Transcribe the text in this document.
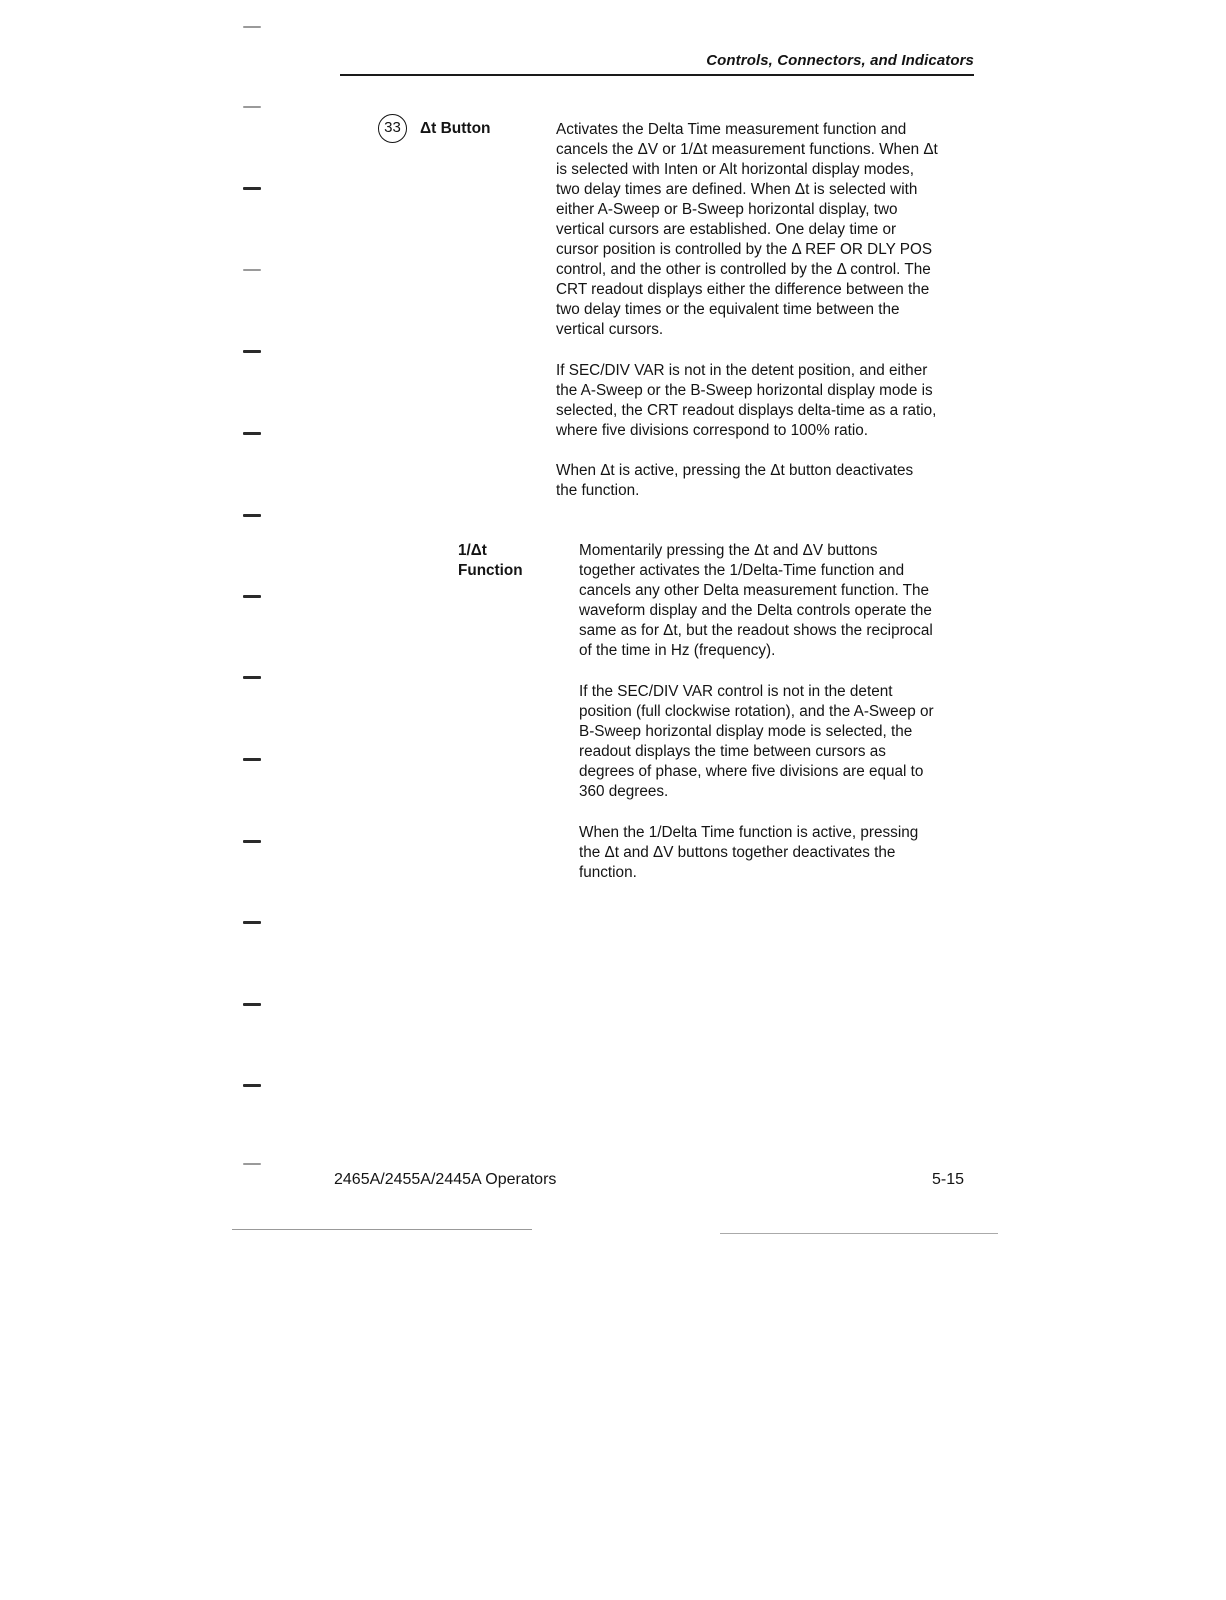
Controls, Connectors, and Indicators
33	Δt Button	Activates the Delta Time measurement function and
cancels the ΔV or 1/Δt measurement functions. When Δt
is selected with Inten or Alt horizontal display modes,
two delay times are defined. When Δt is selected with
either A-Sweep or B-Sweep horizontal display, two
vertical cursors are established. One delay time or
cursor position is controlled by the Δ REF OR DLY POS
control, and the other is controlled by the Δ control. The
CRT readout displays either the difference between the
two delay times or the equivalent time between the
vertical cursors.

If SEC/DIV VAR is not in the detent position, and either
the A-Sweep or the B-Sweep horizontal display mode is
selected, the CRT readout displays delta-time as a ratio,
where five divisions correspond to 100% ratio.

When Δt is active, pressing the Δt button deactivates
the function.

1/Δt
Function

Momentarily pressing the Δt and ΔV buttons
together activates the 1/Delta-Time function and
cancels any other Delta measurement function. The
waveform display and the Delta controls operate the
same as for Δt, but the readout shows the reciprocal
of the time in Hz (frequency).

If the SEC/DIV VAR control is not in the detent
position (full clockwise rotation), and the A-Sweep or
B-Sweep horizontal display mode is selected, the
readout displays the time between cursors as
degrees of phase, where five divisions are equal to
360 degrees.

When the 1/Delta Time function is active, pressing
the Δt and ΔV buttons together deactivates the
function.

2465A/2455A/2445A Operators	5-15
